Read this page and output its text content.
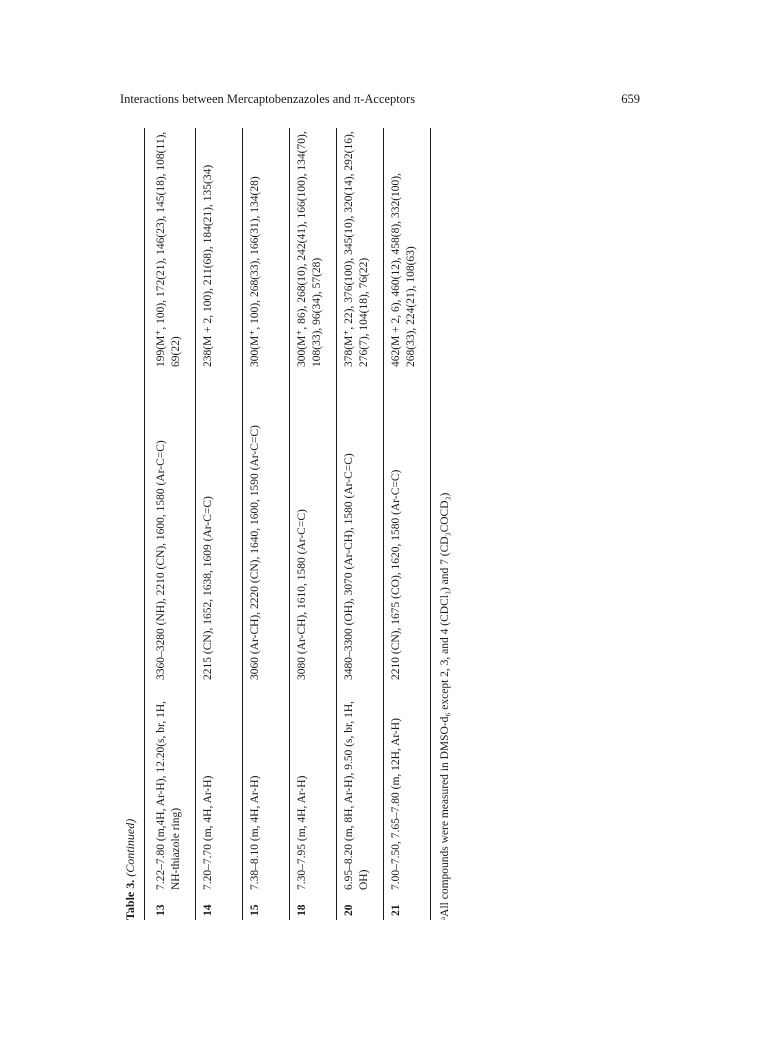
Interactions between Mercaptobenzazoles and π-Acceptors	659
Table 3. (Continued)
13
7.22–7.80 (m,4H, Ar-H), 12.20(s, br, 1H, NH-thiazole ring)
3360–3280 (NH), 2210 (CN), 1600, 1580 (Ar-C=C)
199(M⁺, 100), 172(21), 146(23), 145(18), 108(11), 69(22)
14
7.20–7.70 (m, 4H, Ar-H)
2215 (CN), 1652, 1638, 1609 (Ar-C=C)
238(M + 2, 100), 211(68), 184(21), 135(34)
15
7.38–8.10 (m, 4H, Ar-H)
3060 (Ar-CH), 2220 (CN), 1640, 1600, 1590 (Ar-C=C)
300(M⁺, 100), 268(33), 166(31), 134(28)
18
7.30–7.95 (m, 4H, Ar-H)
3080 (Ar-CH), 1610, 1580 (Ar-C=C)
300(M⁺, 86), 268(10), 242(41), 166(100), 134(70), 108(33), 96(34), 57(28)
20
6.95–8.20 (m, 8H, Ar-H), 9.50 (s, br, 1H, OH)
3480–3300 (OH), 3070 (Ar-CH), 1580 (Ar-C=C)
378(M⁺, 22), 376(100), 345(10), 320(14), 292(16), 276(7), 104(18), 76(22)
21
7.00–7.50, 7.65–7.80 (m, 12H, Ar-H)
2210 (CN), 1675 (CO), 1620, 1580 (Ar-C=C)
462(M + 2, 6), 460(12), 458(8), 332(100), 268(33), 224(21), 108(63)
ᵃAll compounds were measured in DMSO-d₆ except 2, 3, and 4 (CDCl₃) and 7 (CD₃COCD₃)
